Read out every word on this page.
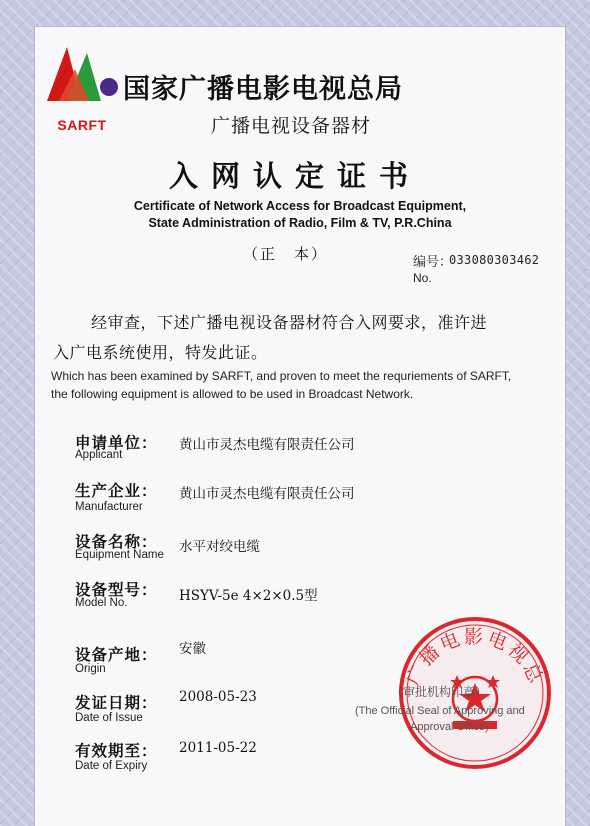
SARFT
国家广播电影电视总局
广播电视设备器材
入网认定证书
Certificate of Network Access for Broadcast Equipment,
State Administration of Radio, Film & TV, P.R.China
（正　本）	编号：
033080303462
No.
经审查，下述广播电视设备器材符合入网要求，准许进
入广电系统使用，特发此证。
Which has been examined by SARFT, and proven to meet the requriements of SARFT,
the following equipment is allowed to be used in Broadcast Network.
申请单位：
Applicant
黄山市灵杰电缆有限责任公司
生产企业：
Manufacturer
黄山市灵杰电缆有限责任公司
设备名称：
Equipment Name 水平对绞电缆
设备型号：
Model No.	HSYV-5e 4×2×0.5型
设备产地：
Origin
安徽
发证日期：
Date of Issue
2008-05-23
有效期至：
Date of Expiry
2011-05-22
广播电影电视总
（审批机构印章）
(The Official Seal of Approving and
Approval Office)
